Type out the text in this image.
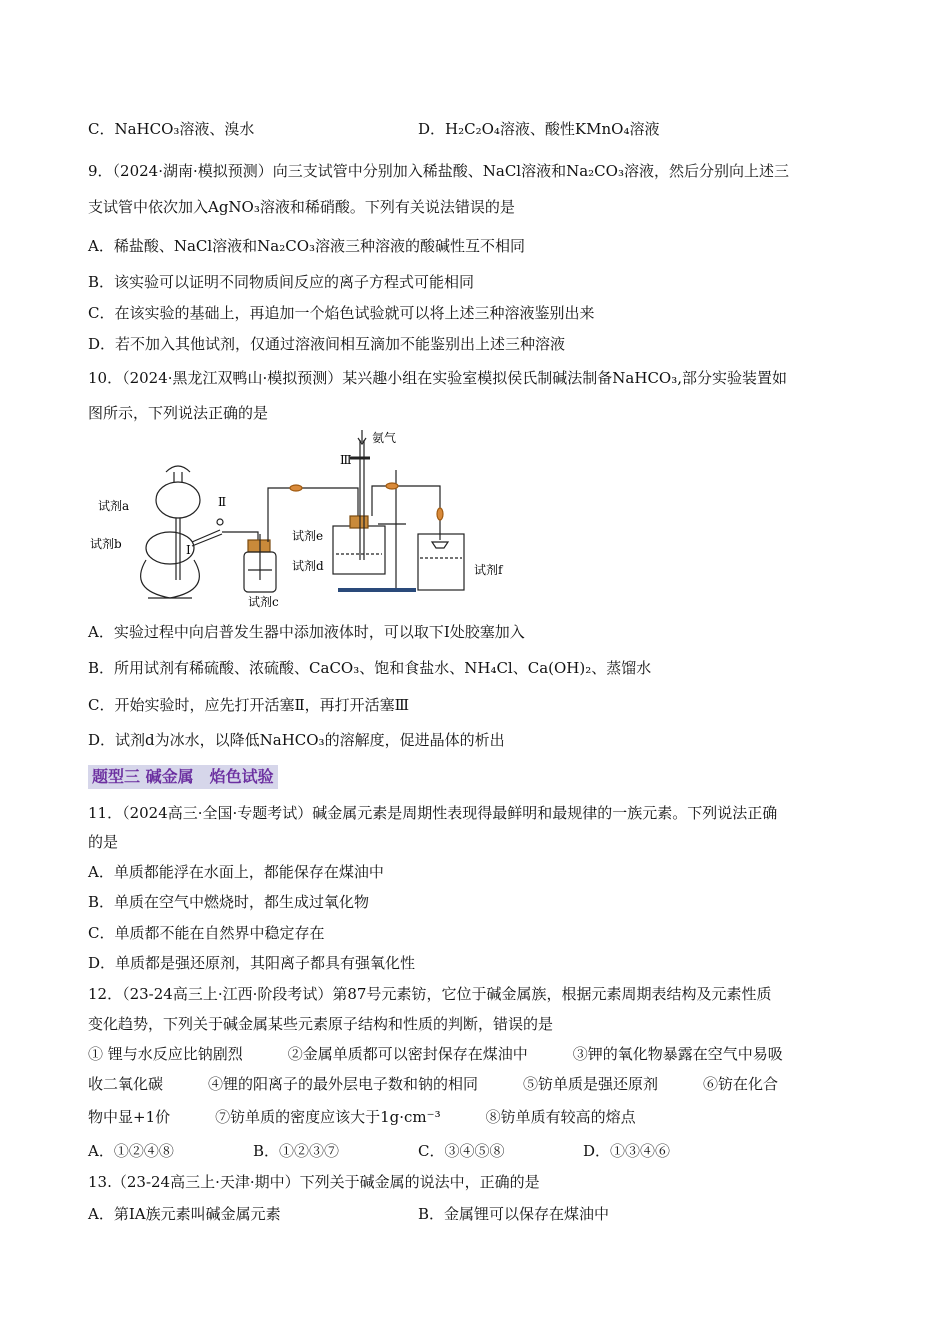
C．NaHCO₃溶液、溴水	D．H₂C₂O₄溶液、酸性KMnO₄溶液
9．（2024·湖南·模拟预测）向三支试管中分别加入稀盐酸、NaCl溶液和Na₂CO₃溶液，然后分别向上述三
支试管中依次加入AgNO₃溶液和稀硝酸。下列有关说法错误的是
A．稀盐酸、NaCl溶液和Na₂CO₃溶液三种溶液的酸碱性互不相同
B．该实验可以证明不同物质间反应的离子方程式可能相同
C．在该实验的基础上，再追加一个焰色试验就可以将上述三种溶液鉴别出来
D．若不加入其他试剂，仅通过溶液间相互滴加不能鉴别出上述三种溶液
10．（2024·黑龙江双鸭山·模拟预测）某兴趣小组在实验室模拟侯氏制碱法制备NaHCO₃,部分实验装置如
图所示，下列说法正确的是
氨气
Ⅲ
Ⅱ
Ⅰ
试剂a
试剂b
试剂c
试剂d
试剂e
试剂f
A．实验过程中向启普发生器中添加液体时，可以取下Ⅰ处胶塞加入
B．所用试剂有稀硫酸、浓硫酸、CaCO₃、饱和食盐水、NH₄Cl、Ca(OH)₂、蒸馏水
C．开始实验时，应先打开活塞Ⅱ，再打开活塞Ⅲ
D．试剂d为冰水，以降低NaHCO₃的溶解度，促进晶体的析出
题型三 碱金属　焰色试验
11．（2024高三·全国·专题考试）碱金属元素是周期性表现得最鲜明和最规律的一族元素。下列说法正确
的是
A．单质都能浮在水面上，都能保存在煤油中
B．单质在空气中燃烧时，都生成过氧化物
C．单质都不能在自然界中稳定存在
D．单质都是强还原剂，其阳离子都具有强氧化性
12．（23-24高三上·江西·阶段考试）第87号元素钫，它位于碱金属族，根据元素周期表结构及元素性质
变化趋势，下列关于碱金属某些元素原子结构和性质的判断，错误的是
① 锂与水反应比钠剧烈　　　②金属单质都可以密封保存在煤油中　　　③钾的氧化物暴露在空气中易吸
收二氧化碳　　　④锂的阳离子的最外层电子数和钠的相同　　　⑤钫单质是强还原剂　　　⑥钫在化合
物中显+1价　　　⑦钫单质的密度应该大于1g·cm⁻³　　　⑧钫单质有较高的熔点
A．①②④⑧	B．①②③⑦	C．③④⑤⑧	D．①③④⑥
13.（23-24高三上·天津·期中）下列关于碱金属的说法中，正确的是
A．第ⅠA族元素叫碱金属元素	B．金属锂可以保存在煤油中
